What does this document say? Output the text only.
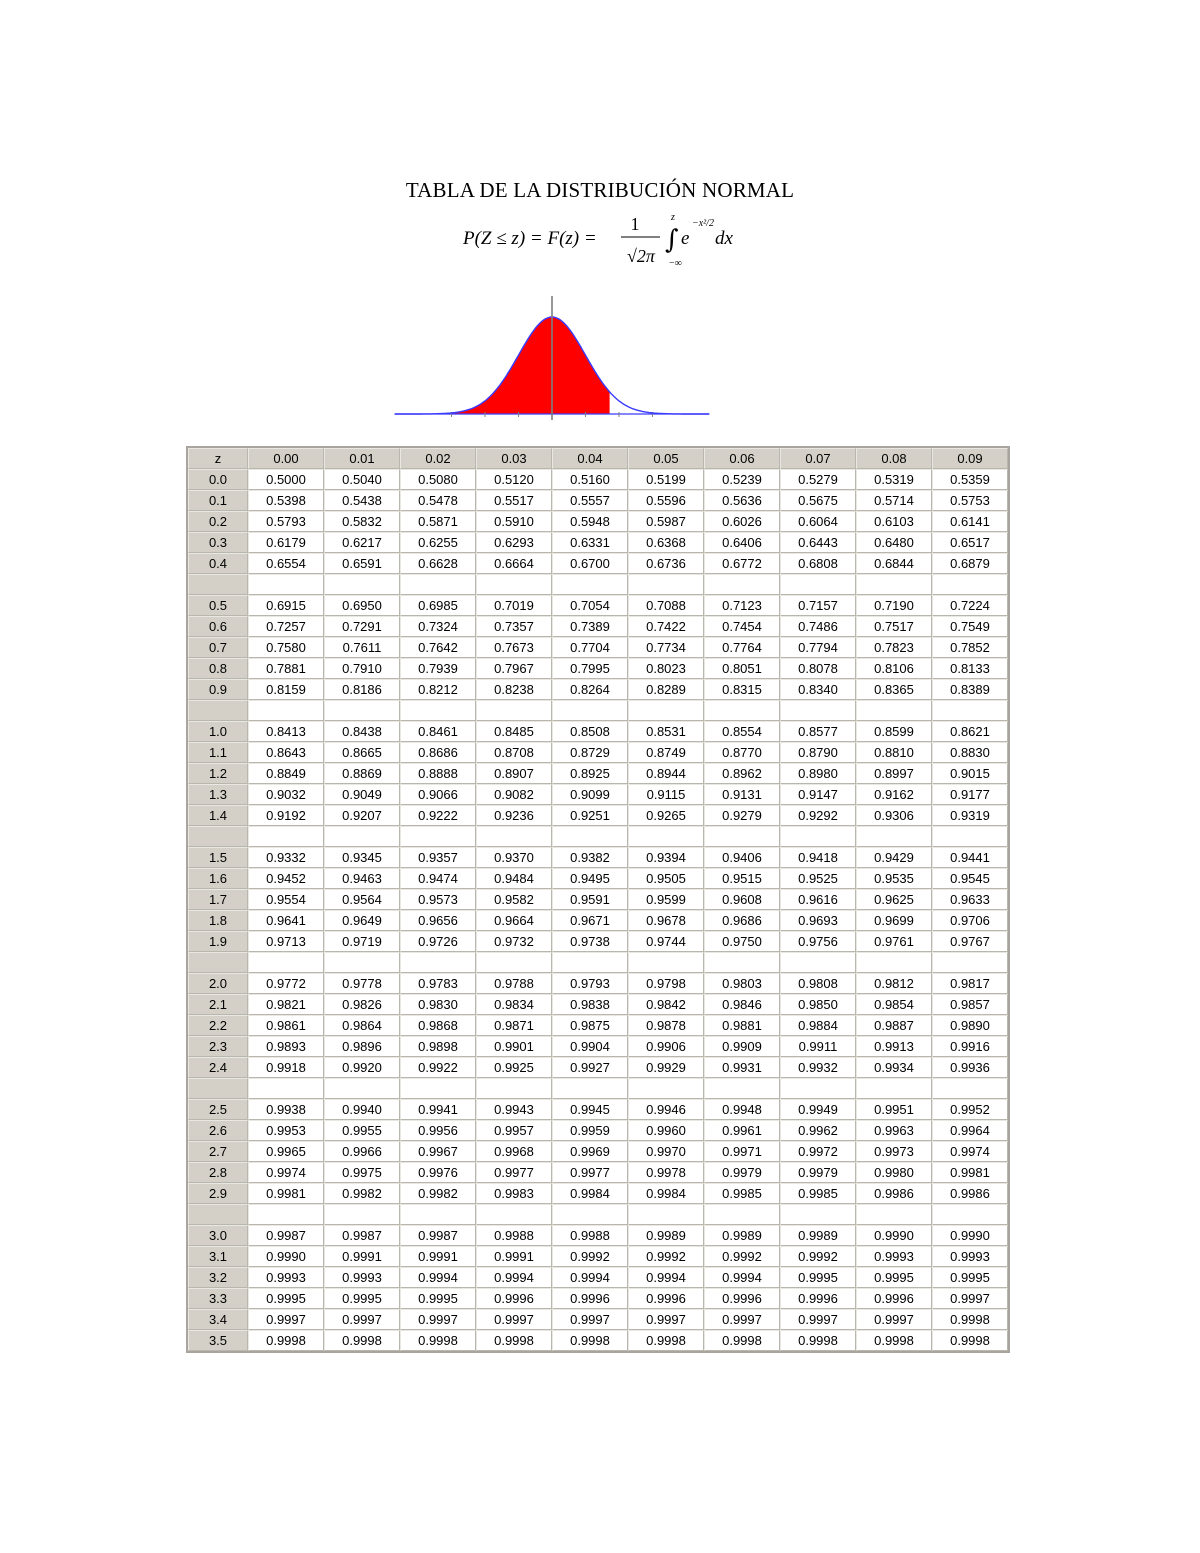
TABLA DE LA DISTRIBUCIÓN NORMAL
P(Z ≤ z) = F(z) =
1
√2π
∫
z
−∞
e
−x²/2
dx
z	0.00	0.01	0.02	0.03	0.04	0.05	0.06	0.07	0.08	0.09
0.0	0.5000	0.5040	0.5080	0.5120	0.5160	0.5199	0.5239	0.5279	0.5319	0.5359
0.1	0.5398	0.5438	0.5478	0.5517	0.5557	0.5596	0.5636	0.5675	0.5714	0.5753
0.2	0.5793	0.5832	0.5871	0.5910	0.5948	0.5987	0.6026	0.6064	0.6103	0.6141
0.3	0.6179	0.6217	0.6255	0.6293	0.6331	0.6368	0.6406	0.6443	0.6480	0.6517
0.4	0.6554	0.6591	0.6628	0.6664	0.6700	0.6736	0.6772	0.6808	0.6844	0.6879

0.5	0.6915	0.6950	0.6985	0.7019	0.7054	0.7088	0.7123	0.7157	0.7190	0.7224
0.6	0.7257	0.7291	0.7324	0.7357	0.7389	0.7422	0.7454	0.7486	0.7517	0.7549
0.7	0.7580	0.7611	0.7642	0.7673	0.7704	0.7734	0.7764	0.7794	0.7823	0.7852
0.8	0.7881	0.7910	0.7939	0.7967	0.7995	0.8023	0.8051	0.8078	0.8106	0.8133
0.9	0.8159	0.8186	0.8212	0.8238	0.8264	0.8289	0.8315	0.8340	0.8365	0.8389

1.0	0.8413	0.8438	0.8461	0.8485	0.8508	0.8531	0.8554	0.8577	0.8599	0.8621
1.1	0.8643	0.8665	0.8686	0.8708	0.8729	0.8749	0.8770	0.8790	0.8810	0.8830
1.2	0.8849	0.8869	0.8888	0.8907	0.8925	0.8944	0.8962	0.8980	0.8997	0.9015
1.3	0.9032	0.9049	0.9066	0.9082	0.9099	0.9115	0.9131	0.9147	0.9162	0.9177
1.4	0.9192	0.9207	0.9222	0.9236	0.9251	0.9265	0.9279	0.9292	0.9306	0.9319

1.5	0.9332	0.9345	0.9357	0.9370	0.9382	0.9394	0.9406	0.9418	0.9429	0.9441
1.6	0.9452	0.9463	0.9474	0.9484	0.9495	0.9505	0.9515	0.9525	0.9535	0.9545
1.7	0.9554	0.9564	0.9573	0.9582	0.9591	0.9599	0.9608	0.9616	0.9625	0.9633
1.8	0.9641	0.9649	0.9656	0.9664	0.9671	0.9678	0.9686	0.9693	0.9699	0.9706
1.9	0.9713	0.9719	0.9726	0.9732	0.9738	0.9744	0.9750	0.9756	0.9761	0.9767

2.0	0.9772	0.9778	0.9783	0.9788	0.9793	0.9798	0.9803	0.9808	0.9812	0.9817
2.1	0.9821	0.9826	0.9830	0.9834	0.9838	0.9842	0.9846	0.9850	0.9854	0.9857
2.2	0.9861	0.9864	0.9868	0.9871	0.9875	0.9878	0.9881	0.9884	0.9887	0.9890
2.3	0.9893	0.9896	0.9898	0.9901	0.9904	0.9906	0.9909	0.9911	0.9913	0.9916
2.4	0.9918	0.9920	0.9922	0.9925	0.9927	0.9929	0.9931	0.9932	0.9934	0.9936

2.5	0.9938	0.9940	0.9941	0.9943	0.9945	0.9946	0.9948	0.9949	0.9951	0.9952
2.6	0.9953	0.9955	0.9956	0.9957	0.9959	0.9960	0.9961	0.9962	0.9963	0.9964
2.7	0.9965	0.9966	0.9967	0.9968	0.9969	0.9970	0.9971	0.9972	0.9973	0.9974
2.8	0.9974	0.9975	0.9976	0.9977	0.9977	0.9978	0.9979	0.9979	0.9980	0.9981
2.9	0.9981	0.9982	0.9982	0.9983	0.9984	0.9984	0.9985	0.9985	0.9986	0.9986

3.0	0.9987	0.9987	0.9987	0.9988	0.9988	0.9989	0.9989	0.9989	0.9990	0.9990
3.1	0.9990	0.9991	0.9991	0.9991	0.9992	0.9992	0.9992	0.9992	0.9993	0.9993
3.2	0.9993	0.9993	0.9994	0.9994	0.9994	0.9994	0.9994	0.9995	0.9995	0.9995
3.3	0.9995	0.9995	0.9995	0.9996	0.9996	0.9996	0.9996	0.9996	0.9996	0.9997
3.4	0.9997	0.9997	0.9997	0.9997	0.9997	0.9997	0.9997	0.9997	0.9997	0.9998
3.5	0.9998	0.9998	0.9998	0.9998	0.9998	0.9998	0.9998	0.9998	0.9998	0.9998
